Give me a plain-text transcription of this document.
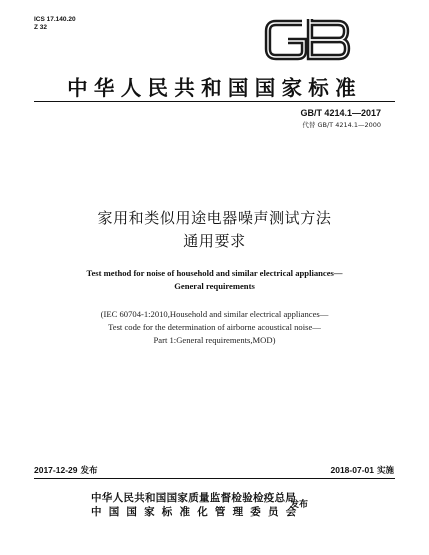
ICS 17.140.20
Z 32
中华人民共和国国家标准
GB/T 4214.1—2017
代替 GB/T 4214.1—2000
家用和类似用途电器噪声测试方法
通用要求
Test method for noise of household and similar electrical appliances—
General requirements
(IEC 60704-1:2010,Household and similar electrical appliances—
Test code for the determination of airborne acoustical noise—
Part 1:General requirements,MOD)
2017-12-29 发布	2018-07-01 实施
中华人民共和国国家质量监督检验检疫总局
中国国家标准化管理委员会
发布
